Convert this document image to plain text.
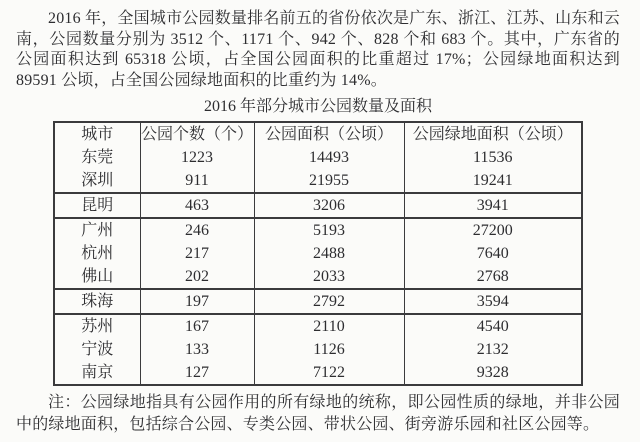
2016 年，全国城市公园数量排名前五的省份依次是广东、浙江、江苏、山东和云南，公园数量分别为 3512 个、1171 个、942 个、828 个和 683 个。其中，广东省的公园面积达到 65318 公顷，占全国公园面积的比重超过 17%；公园绿地面积达到 89591 公顷，占全国公园绿地面积的比重约为 14%。

2016 年部分城市公园数量及面积
城市	公园个数（个）	公园面积（公顷）	公园绿地面积（公顷）
东莞	1223	14493	11536
深圳	911	21955	19241
昆明	463	3206	3941
广州	246	5193	27200
杭州	217	2488	7640
佛山	202	2033	2768
珠海	197	2792	3594
苏州	167	2110	4540
宁波	133	1126	2132
南京	127	7122	9328

注：公园绿地指具有公园作用的所有绿地的统称，即公园性质的绿地，并非公园中的绿地面积，包括综合公园、专类公园、带状公园、街旁游乐园和社区公园等。
